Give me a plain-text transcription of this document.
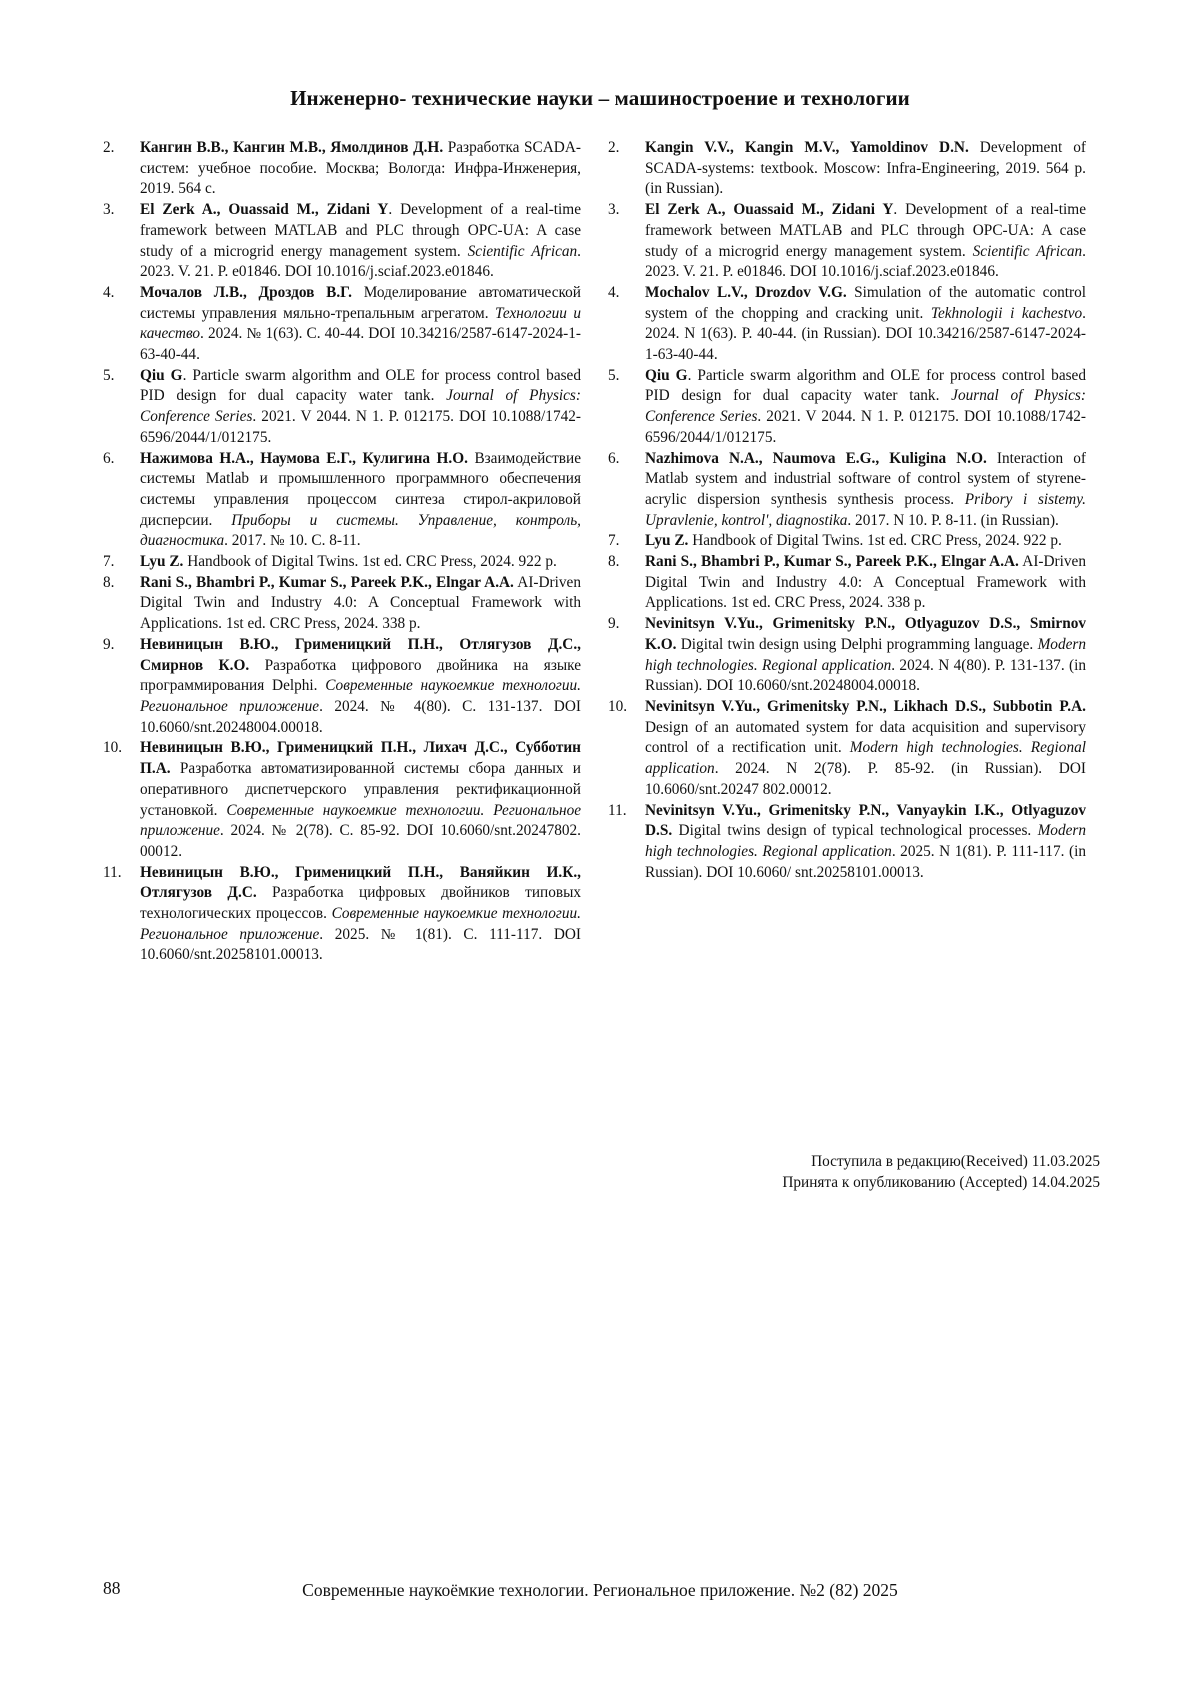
Инженерно- технические науки – машиностроение и технологии
2.	Кангин В.В., Кангин М.В., Ямолдинов Д.Н. Разработка SCADA-систем: учебное пособие. Москва; Вологда: Инфра-Инженерия, 2019. 564 с.
3.	El Zerk A., Ouassaid M., Zidani Y. Development of a real-time framework between MATLAB and PLC through OPC-UA: A case study of a microgrid energy management system. Scientific African. 2023. V. 21. P. e01846. DOI 10.1016/j.sciaf.2023.e01846.
4.	Мочалов Л.В., Дроздов В.Г. Моделирование автоматической системы управления мяльно-трепальным агрегатом. Технологии и качество. 2024. № 1(63). С. 40-44. DOI 10.34216/2587-6147-2024-1-63-40-44.
5.	Qiu G. Particle swarm algorithm and OLE for process control based PID design for dual capacity water tank. Journal of Physics: Conference Series. 2021. V 2044. N 1. P. 012175. DOI 10.1088/1742-6596/2044/1/012175.
6.	Нажимова Н.А., Наумова Е.Г., Кулигина Н.О. Взаимодействие системы Matlab и промышленного программного обеспечения системы управления процессом синтеза стирол-акриловой дисперсии. Приборы и системы. Управление, контроль, диагностика. 2017. № 10. С. 8-11.
7.	Lyu Z. Handbook of Digital Twins. 1st ed. CRC Press, 2024. 922 p.
8.	Rani S., Bhambri P., Kumar S., Pareek P.K., Elngar A.A. AI-Driven Digital Twin and Industry 4.0: A Conceptual Framework with Applications. 1st ed. CRC Press, 2024. 338 p.
9.	Невиницын В.Ю., Грименицкий П.Н., Отлягузов Д.С., Смирнов К.О. Разработка цифрового двойника на языке программирования Delphi. Современные наукоемкие технологии. Региональное приложение. 2024. № 4(80). С. 131-137. DOI 10.6060/snt.20248004.00018.
10.	Невиницын В.Ю., Грименицкий П.Н., Лихач Д.С., Субботин П.А. Разработка автоматизированной системы сбора данных и оперативного диспетчерского управления ректификационной установкой. Современные наукоемкие технологии. Региональное приложение. 2024. № 2(78). С. 85-92. DOI 10.6060/snt.20247802. 00012.
11.	Невиницын В.Ю., Грименицкий П.Н., Ваняйкин И.К., Отлягузов Д.С. Разработка цифровых двойников типовых технологических процессов. Современные наукоемкие технологии. Региональное приложение. 2025. № 1(81). С. 111-117. DOI 10.6060/snt.20258101.00013.
2.	Kangin V.V., Kangin M.V., Yamoldinov D.N. Development of SCADA-systems: textbook. Moscow: Infra-Engineering, 2019. 564 p. (in Russian).
3.	El Zerk A., Ouassaid M., Zidani Y. Development of a real-time framework between MATLAB and PLC through OPC-UA: A case study of a microgrid energy management system. Scientific African. 2023. V. 21. P. e01846. DOI 10.1016/j.sciaf.2023.e01846.
4.	Mochalov L.V., Drozdov V.G. Simulation of the automatic control system of the chopping and cracking unit. Tekhnologii i kachestvo. 2024. N 1(63). P. 40-44. (in Russian). DOI 10.34216/2587-6147-2024-1-63-40-44.
5.	Qiu G. Particle swarm algorithm and OLE for process control based PID design for dual capacity water tank. Journal of Physics: Conference Series. 2021. V 2044. N 1. P. 012175. DOI 10.1088/1742-6596/2044/1/012175.
6.	Nazhimova N.A., Naumova E.G., Kuligina N.O. Interaction of Matlab system and industrial software of control system of styrene-acrylic dispersion synthesis synthesis process. Pribory i sistemy. Upravlenie, kontrol', diagnostika. 2017. N 10. P. 8-11. (in Russian).
7.	Lyu Z. Handbook of Digital Twins. 1st ed. CRC Press, 2024. 922 p.
8.	Rani S., Bhambri P., Kumar S., Pareek P.K., Elngar A.A. AI-Driven Digital Twin and Industry 4.0: A Conceptual Framework with Applications. 1st ed. CRC Press, 2024. 338 p.
9.	Nevinitsyn V.Yu., Grimenitsky P.N., Otlyaguzov D.S., Smirnov K.O. Digital twin design using Delphi programming language. Modern high technologies. Regional application. 2024. N 4(80). P. 131-137. (in Russian). DOI 10.6060/snt.20248004.00018.
10.	Nevinitsyn V.Yu., Grimenitsky P.N., Likhach D.S., Subbotin P.A. Design of an automated system for data acquisition and supervisory control of a rectification unit. Modern high technologies. Regional application. 2024. N 2(78). P. 85-92. (in Russian). DOI 10.6060/snt.20247 802.00012.
11.	Nevinitsyn V.Yu., Grimenitsky P.N., Vanyaykin I.K., Otlyaguzov D.S. Digital twins design of typical technological processes. Modern high technologies. Regional application. 2025. N 1(81). P. 111-117. (in Russian). DOI 10.6060/ snt.20258101.00013.
Поступила в редакцию(Received) 11.03.2025
Принята к опубликованию (Accepted) 14.04.2025
88	Современные наукоёмкие технологии. Региональное приложение. №2 (82) 2025
